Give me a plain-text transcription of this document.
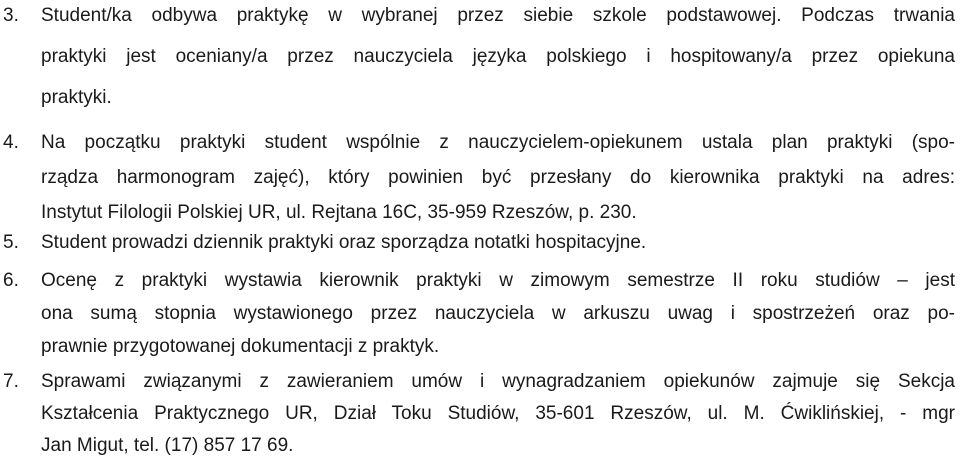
3. Student/ka odbywa praktykę w wybranej przez siebie szkole podstawowej. Podczas trwania
praktyki jest oceniany/a przez nauczyciela języka polskiego i hospitowany/a przez opiekuna
praktyki.
4. Na początku praktyki student wspólnie z nauczycielem-opiekunem ustala plan praktyki (spo-
rządza harmonogram zajęć), który powinien być przesłany do kierownika praktyki na adres:
Instytut Filologii Polskiej UR, ul. Rejtana 16C, 35-959 Rzeszów, p. 230.
5. Student prowadzi dziennik praktyki oraz sporządza notatki hospitacyjne.
6. Ocenę z praktyki wystawia kierownik praktyki w zimowym semestrze II roku studiów – jest
ona sumą stopnia wystawionego przez nauczyciela w arkuszu uwag i spostrzeżeń oraz po-
prawnie przygotowanej dokumentacji z praktyk.
7. Sprawami związanymi z zawieraniem umów i wynagradzaniem opiekunów zajmuje się Sekcja
Kształcenia Praktycznego UR, Dział Toku Studiów, 35-601 Rzeszów, ul. M. Ćwiklińskiej, - mgr
Jan Migut, tel. (17) 857 17 69.
